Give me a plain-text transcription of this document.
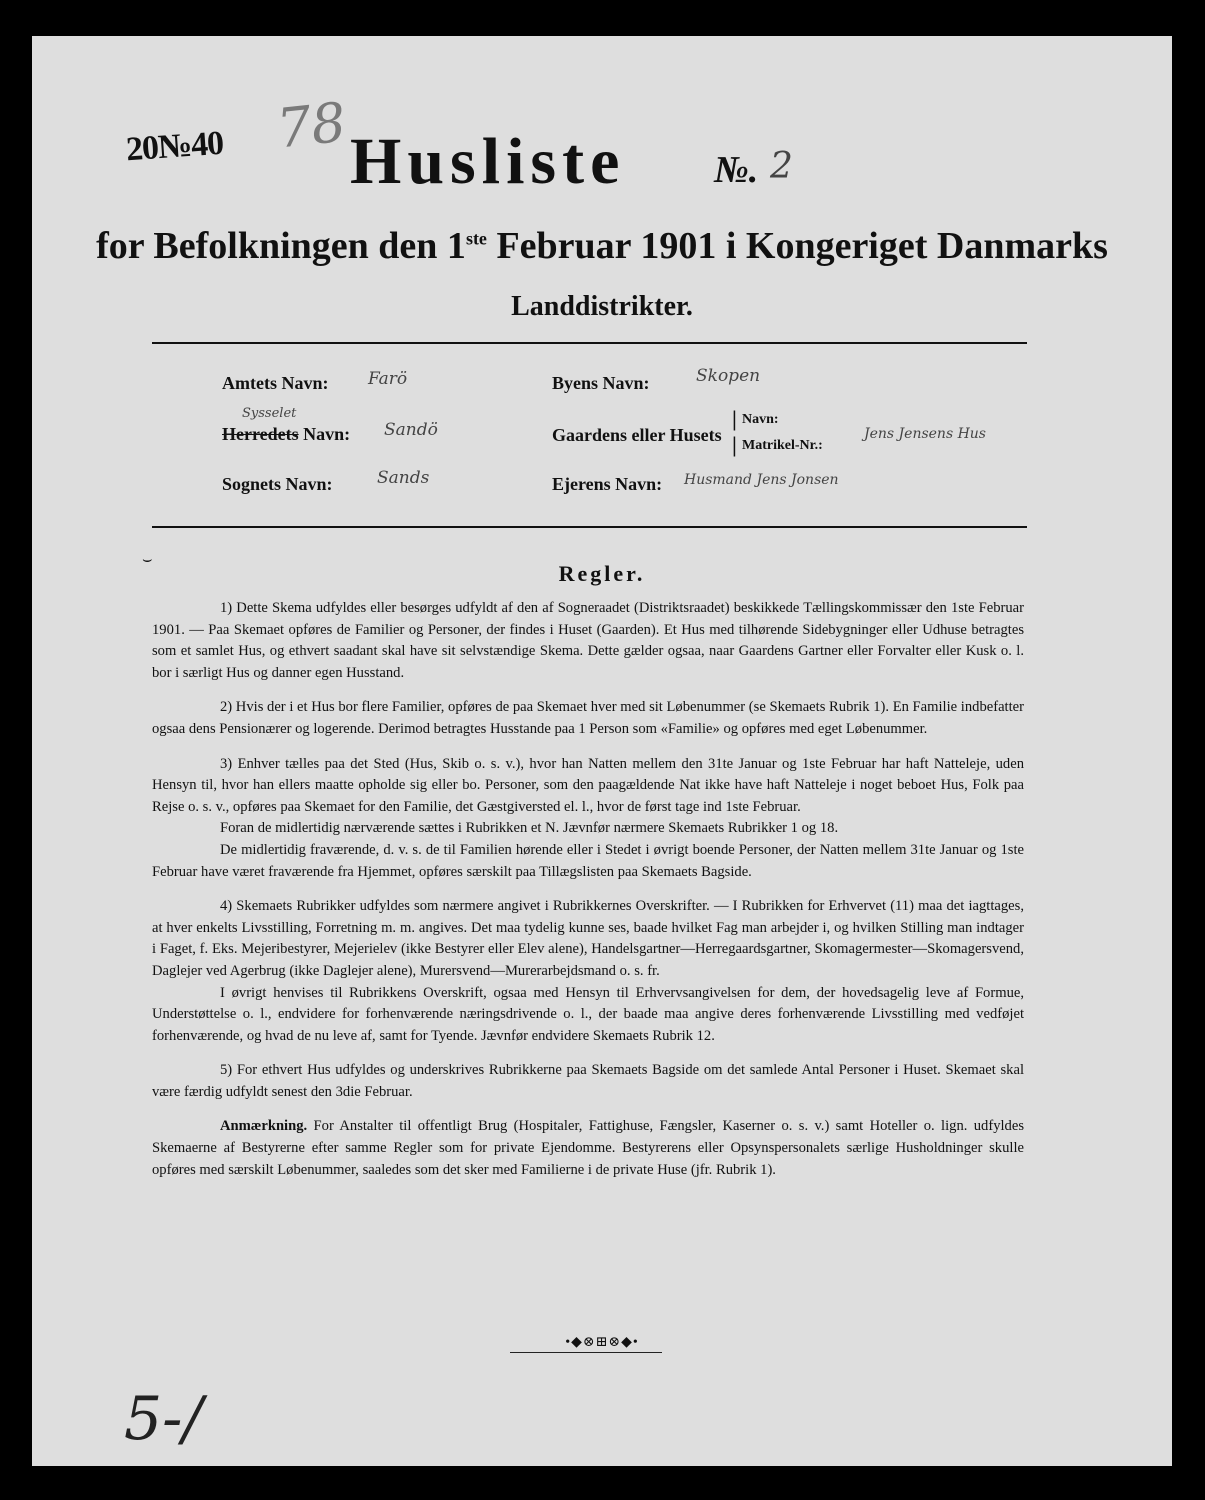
20№40 78 Husliste №. 2
for Befolkningen den 1ste Februar 1901 i Kongeriget Danmarks
Landdistrikter.
Amtets Navn: Farö
Sysselet
Herredets Navn: Sandö
Sognets Navn:	Sands
Byens Navn:	Skopen
Gaardens eller Husets
|
|
Navn:
Matrikel-Nr.:
Jens Jensens Hus
Ejerens Navn: Husmand Jens Jonsen
⌣
Regler.

1) Dette Skema udfyldes eller besørges udfyldt af den af Sogneraadet (Distriktsraadet) beskikkede Tællingskommissær den 1ste Februar 1901. — Paa Skemaet opføres de Familier og Personer, der findes i Huset (Gaarden). Et Hus med tilhørende Sidebygninger eller Udhuse betragtes som et samlet Hus, og ethvert saadant skal have sit selvstændige Skema. Dette gælder ogsaa, naar Gaardens Gartner eller Forvalter eller Kusk o. l. bor i særligt Hus og danner egen Husstand.

2) Hvis der i et Hus bor flere Familier, opføres de paa Skemaet hver med sit Løbenummer (se Skemaets Rubrik 1). En Familie indbefatter ogsaa dens Pensionærer og logerende. Derimod betragtes Husstande paa 1 Person som «Familie» og opføres med eget Løbenummer.

3) Enhver tælles paa det Sted (Hus, Skib o. s. v.), hvor han Natten mellem den 31te Januar og 1ste Februar har haft Natteleje, uden Hensyn til, hvor han ellers maatte opholde sig eller bo. Personer, som den paagældende Nat ikke have haft Natteleje i noget beboet Hus, Folk paa Rejse o. s. v., opføres paa Skemaet for den Familie, det Gæstgiversted el. l., hvor de først tage ind 1ste Februar.

Foran de midlertidig nærværende sættes i Rubrikken et N. Jævnfør nærmere Skemaets Rubrikker 1 og 18.

De midlertidig fraværende, d. v. s. de til Familien hørende eller i Stedet i øvrigt boende Personer, der Natten mellem 31te Januar og 1ste Februar have været fraværende fra Hjemmet, opføres særskilt paa Tillægslisten paa Skemaets Bagside.

4) Skemaets Rubrikker udfyldes som nærmere angivet i Rubrikkernes Overskrifter. — I Rubrikken for Erhvervet (11) maa det iagttages, at hver enkelts Livsstilling, Forretning m. m. angives. Det maa tydelig kunne ses, baade hvilket Fag man arbejder i, og hvilken Stilling man indtager i Faget, f. Eks. Mejeribestyrer, Mejerielev (ikke Bestyrer eller Elev alene), Handelsgartner—Herregaardsgartner, Skomagermester—Skomagersvend, Daglejer ved Agerbrug (ikke Daglejer alene), Murersvend—Murerarbejdsmand o. s. fr.

I øvrigt henvises til Rubrikkens Overskrift, ogsaa med Hensyn til Erhvervsangivelsen for dem, der hovedsagelig leve af Formue, Understøttelse o. l., endvidere for forhenværende næringsdrivende o. l., der baade maa angive deres forhenværende Livsstilling med vedføjet forhenværende, og hvad de nu leve af, samt for Tyende. Jævnfør endvidere Skemaets Rubrik 12.

5) For ethvert Hus udfyldes og underskrives Rubrikkerne paa Skemaets Bagside om det samlede Antal Personer i Huset. Skemaet skal være færdig udfyldt senest den 3die Februar.

Anmærkning. For Anstalter til offentligt Brug (Hospitaler, Fattighuse, Fængsler, Kaserner o. s. v.) samt Hoteller o. lign. udfyldes Skemaerne af Bestyrerne efter samme Regler som for private Ejendomme. Bestyrerens eller Opsynspersonalets særlige Husholdninger skulle opføres med særskilt Løbenummer, saaledes som det sker med Familierne i de private Huse (jfr. Rubrik 1).

•◆⊗⊞⊗◆•
5-/
